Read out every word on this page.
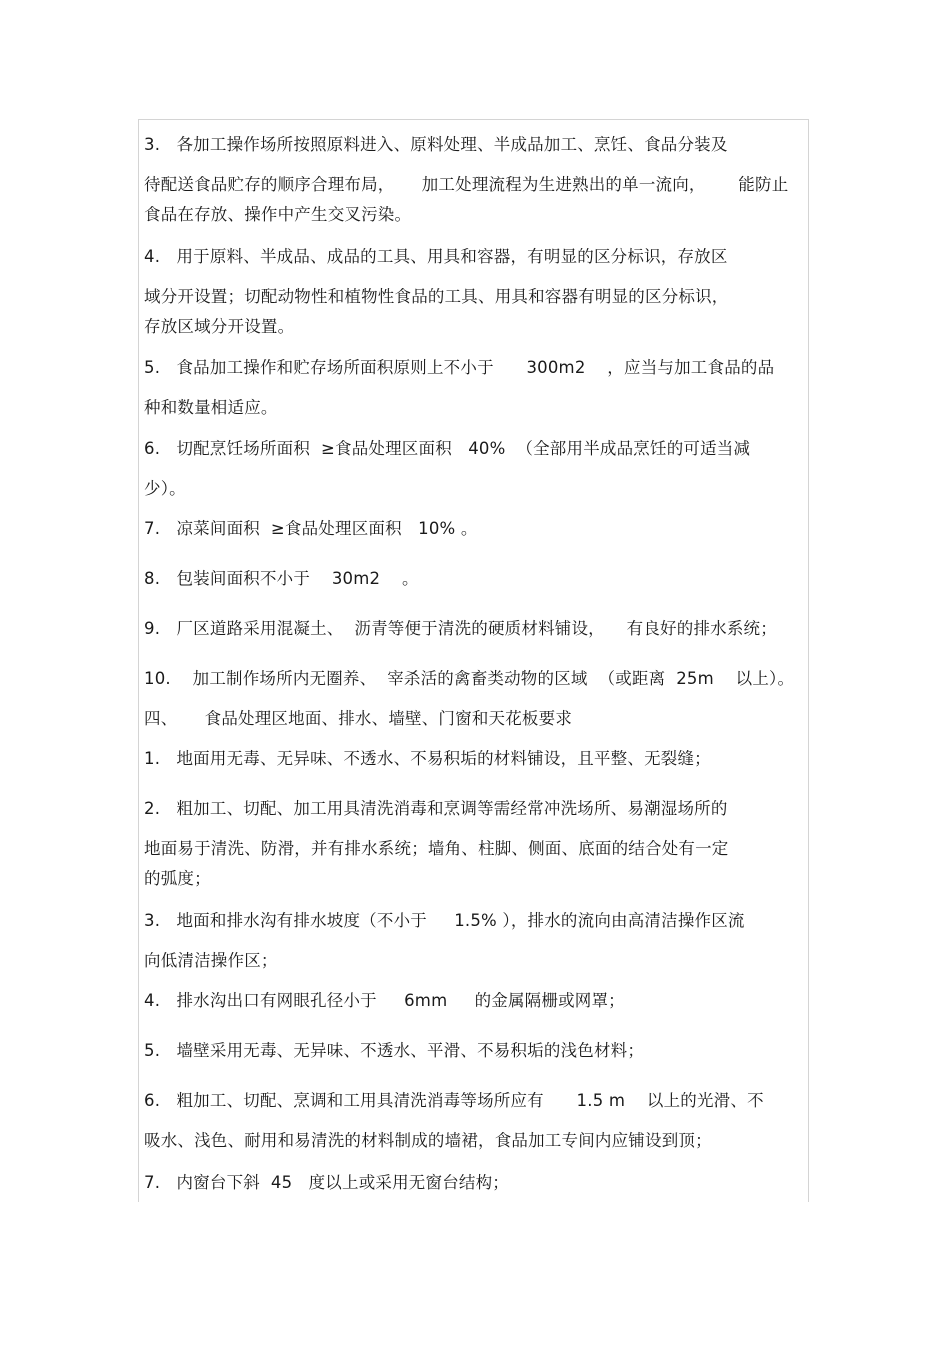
3.   各加工操作场所按照原料进入、原料处理、半成品加工、烹饪、食品分装及
待配送食品贮存的顺序合理布局，     加工处理流程为生进熟出的单一流向，      能防止
食品在存放、操作中产生交叉污染。
4.   用于原料、半成品、成品的工具、用具和容器，有明显的区分标识，存放区
域分开设置；切配动物性和植物性食品的工具、用具和容器有明显的区分标识，
存放区域分开设置。
5.   食品加工操作和贮存场所面积原则上不小于      300m2    ，应当与加工食品的品
种和数量相适应。
6.   切配烹饪场所面积  ≥食品处理区面积   40%  （全部用半成品烹饪的可适当减
少）。
7.   凉菜间面积  ≥食品处理区面积   10% 。
8.   包装间面积不小于    30m2    。
9.   厂区道路采用混凝土、  沥青等便于清洗的硬质材料铺设，    有良好的排水系统；
10.    加工制作场所内无圈养、  宰杀活的禽畜类动物的区域  （或距离  25m    以上）。
四、     食品处理区地面、排水、墙壁、门窗和天花板要求
1.   地面用无毒、无异味、不透水、不易积垢的材料铺设，且平整、无裂缝；
2.   粗加工、切配、加工用具清洗消毒和烹调等需经常冲洗场所、易潮湿场所的
地面易于清洗、防滑，并有排水系统；墙角、柱脚、侧面、底面的结合处有一定
的弧度；
3.   地面和排水沟有排水坡度（不小于     1.5% ），排水的流向由高清洁操作区流
向低清洁操作区；
4.   排水沟出口有网眼孔径小于     6mm     的金属隔栅或网罩；
5.   墙壁采用无毒、无异味、不透水、平滑、不易积垢的浅色材料；
6.   粗加工、切配、烹调和工用具清洗消毒等场所应有      1.5 m    以上的光滑、不
吸水、浅色、耐用和易清洗的材料制成的墙裙，食品加工专间内应铺设到顶；
7.   内窗台下斜  45   度以上或采用无窗台结构；
